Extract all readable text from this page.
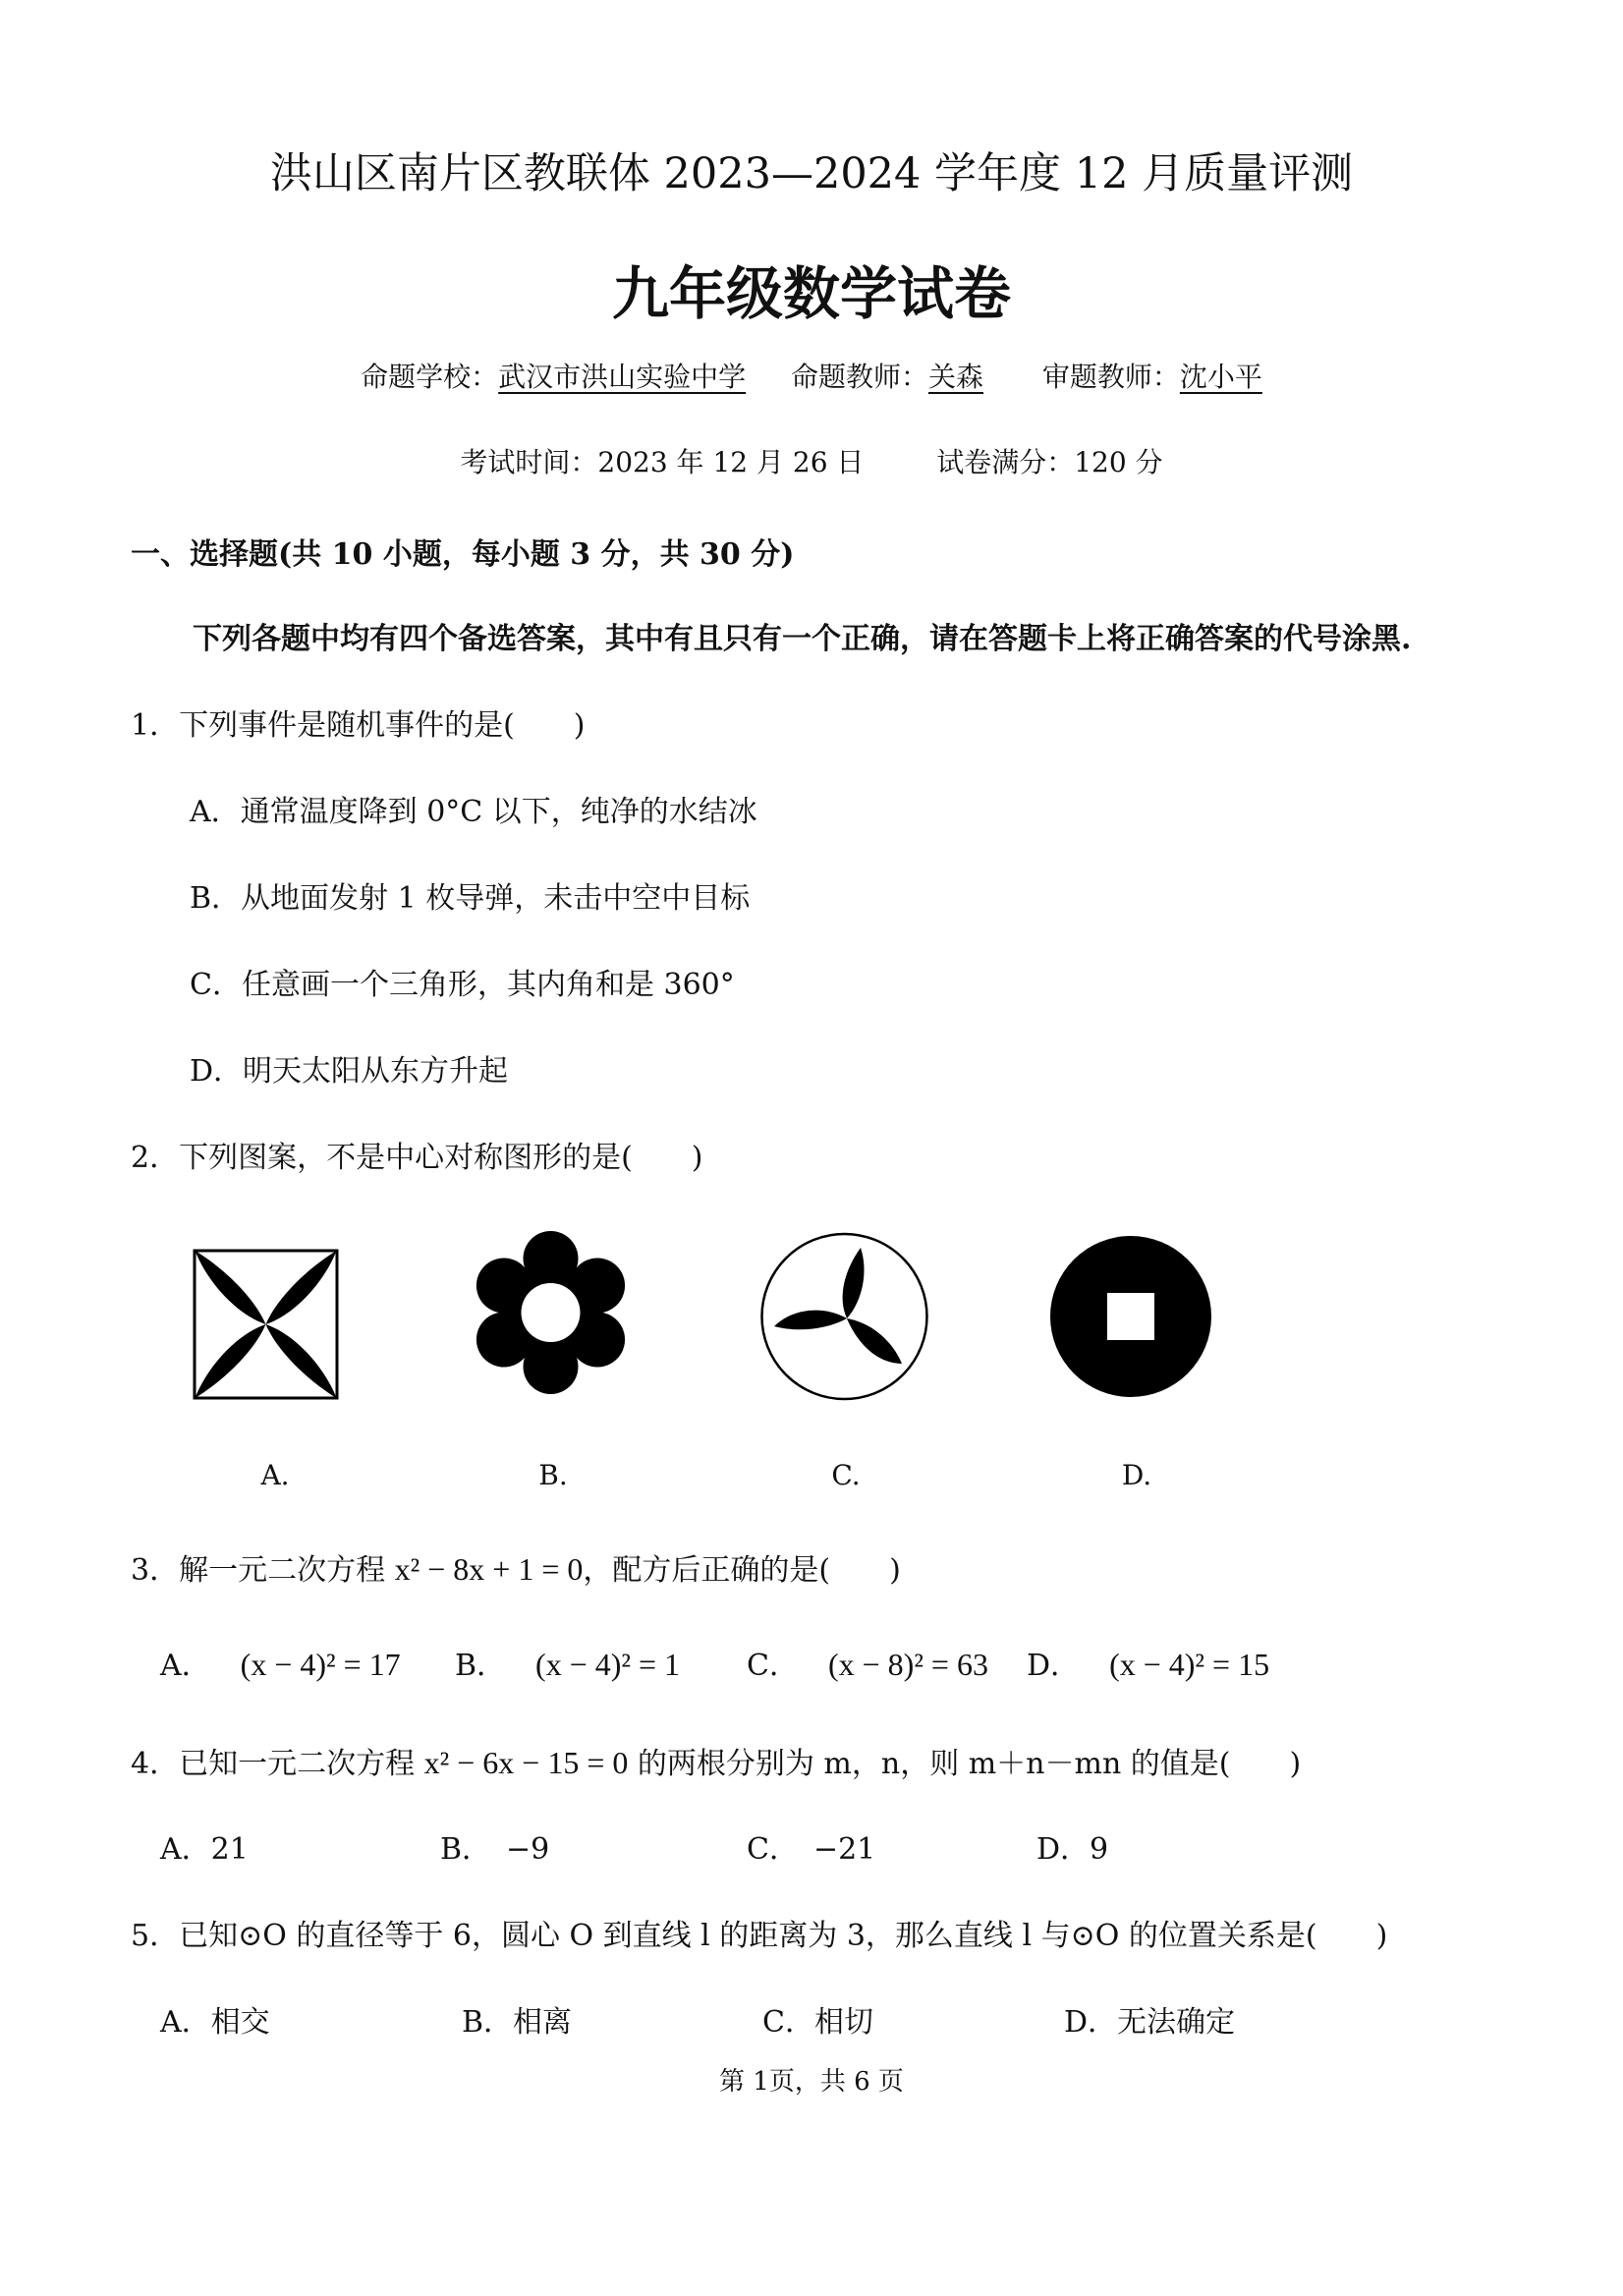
洪山区南片区教联体 2023—2024 学年度 12 月质量评测
九年级数学试卷
命题学校：武汉市洪山实验中学 命题教师：关森 审题教师：沈小平
考试时间：2023 年 12 月 26 日	试卷满分：120 分
一、选择题(共 10 小题，每小题 3 分，共 30 分)
下列各题中均有四个备选答案，其中有且只有一个正确，请在答题卡上将正确答案的代号涂黑.
1．下列事件是随机事件的是(　　)
A．通常温度降到 0°C 以下，纯净的水结冰
B．从地面发射 1 枚导弹，未击中空中目标
C．任意画一个三角形，其内角和是 360°
D．明天太阳从东方升起
2．下列图案，不是中心对称图形的是(　　)
A.	B.	C.	D.
3．解一元二次方程 x² − 8x + 1 = 0，配方后正确的是(　　)
A． (x − 4)² = 17 B． (x − 4)² = 1 C． (x − 8)² = 63 D． (x − 4)² = 15
4．已知一元二次方程 x² − 6x − 15 = 0 的两根分别为 m，n，则 m＋n－mn 的值是(　　)
A．21	B．　−9	C．　−21	D．9
5．已知⊙O 的直径等于 6，圆心 O 到直线 l 的距离为 3，那么直线 l 与⊙O 的位置关系是(　　)
A．相交	B．相离	C．相切	D．无法确定
第 1页，共 6 页
